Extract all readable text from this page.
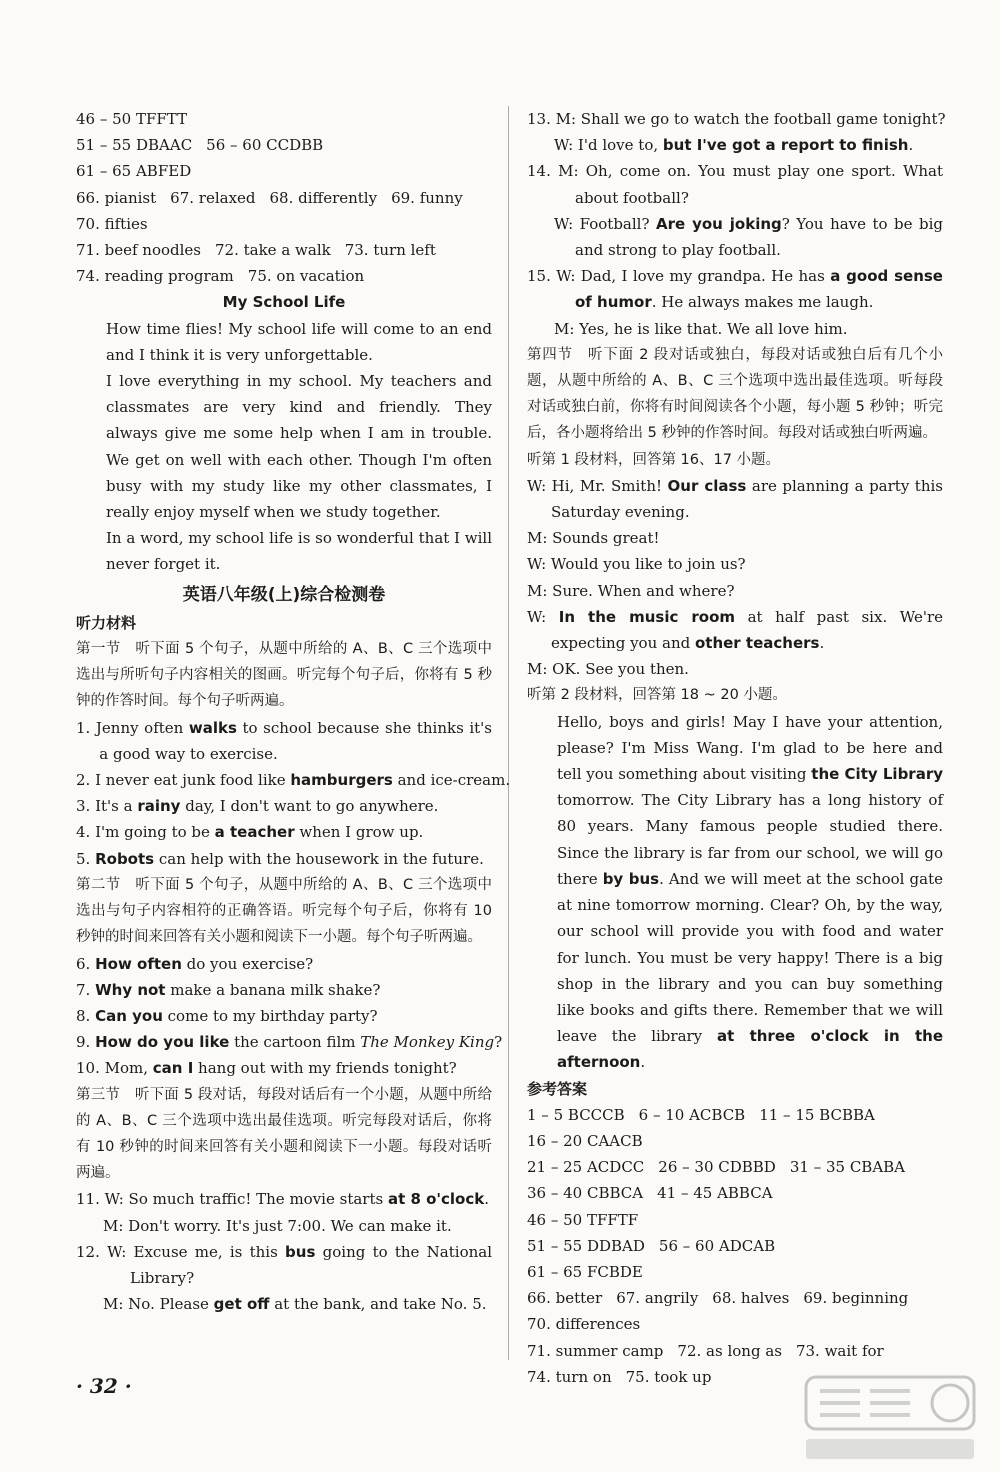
46 – 50 TFFTT
51 – 55 DBAAC 56 – 60 CCDBB
61 – 65 ABFED
66. pianist 67. relaxed 68. differently 69. funny
70. fifties
71. beef noodles 72. take a walk 73. turn left
74. reading program 75. on vacation
My School Life
How time flies! My school life will come to an end and I think it is very unforgettable.
I love everything in my school. My teachers and classmates are very kind and friendly. They always give me some help when I am in trouble. We get on well with each other. Though I'm often busy with my study like my other classmates, I really enjoy myself when we study together.
In a word, my school life is so wonderful that I will never forget it.
英语八年级(上)综合检测卷
听力材料
第一节　听下面 5 个句子，从题中所给的 A、B、C 三个选项中选出与所听句子内容相关的图画。听完每个句子后，你将有 5 秒钟的作答时间。每个句子听两遍。
1. Jenny often walks to school because she thinks it's a good way to exercise.
2. I never eat junk food like hamburgers and ice-cream.
3. It's a rainy day, I don't want to go anywhere.
4. I'm going to be a teacher when I grow up.
5. Robots can help with the housework in the future.
第二节　听下面 5 个句子，从题中所给的 A、B、C 三个选项中选出与句子内容相符的正确答语。听完每个句子后，你将有 10 秒钟的时间来回答有关小题和阅读下一小题。每个句子听两遍。
6. How often do you exercise?
7. Why not make a banana milk shake?
8. Can you come to my birthday party?
9. How do you like the cartoon film The Monkey King?
10. Mom, can I hang out with my friends tonight?
第三节　听下面 5 段对话，每段对话后有一个小题，从题中所给的 A、B、C 三个选项中选出最佳选项。听完每段对话后，你将有 10 秒钟的时间来回答有关小题和阅读下一小题。每段对话听两遍。
11. W: So much traffic! The movie starts at 8 o'clock.
M: Don't worry. It's just 7:00. We can make it.
12. W: Excuse me, is this bus going to the National Library?
M: No. Please get off at the bank, and take No. 5.
13. M: Shall we go to watch the football game tonight?
W: I'd love to, but I've got a report to finish.
14. M: Oh, come on. You must play one sport. What about football?
W: Football? Are you joking? You have to be big and strong to play football.
15. W: Dad, I love my grandpa. He has a good sense of humor. He always makes me laugh.
M: Yes, he is like that. We all love him.
第四节　听下面 2 段对话或独白，每段对话或独白后有几个小题，从题中所给的 A、B、C 三个选项中选出最佳选项。听每段对话或独白前，你将有时间阅读各个小题，每小题 5 秒钟；听完后，各小题将给出 5 秒钟的作答时间。每段对话或独白听两遍。
听第 1 段材料，回答第 16、17 小题。
W: Hi, Mr. Smith! Our class are planning a party this Saturday evening.
M: Sounds great!
W: Would you like to join us?
M: Sure. When and where?
W: In the music room at half past six. We're expecting you and other teachers.
M: OK. See you then.
听第 2 段材料，回答第 18 ~ 20 小题。
Hello, boys and girls! May I have your attention, please? I'm Miss Wang. I'm glad to be here and tell you something about visiting the City Library tomorrow. The City Library has a long history of 80 years. Many famous people studied there. Since the library is far from our school, we will go there by bus. And we will meet at the school gate at nine tomorrow morning. Clear? Oh, by the way, our school will provide you with food and water for lunch. You must be very happy! There is a big shop in the library and you can buy something like books and gifts there. Remember that we will leave the library at three o'clock in the afternoon.
参考答案
1 – 5 BCCCB 6 – 10 ACBCB 11 – 15 BCBBA
16 – 20 CAACB
21 – 25 ACDCC 26 – 30 CDBBD 31 – 35 CBABA
36 – 40 CBBCA 41 – 45 ABBCA
46 – 50 TFFTF
51 – 55 DDBAD 56 – 60 ADCAB
61 – 65 FCBDE
66. better 67. angrily 68. halves 69. beginning
70. differences
71. summer camp 72. as long as 73. wait for
74. turn on 75. took up
· 32 ·
